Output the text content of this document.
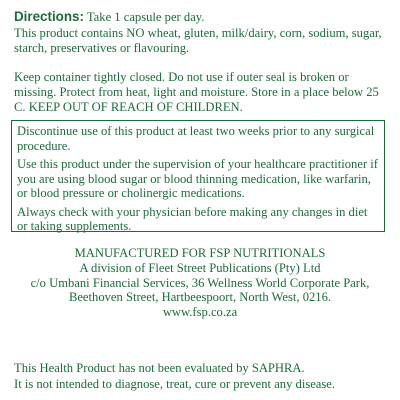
Directions: Take 1 capsule per day.
This product contains NO wheat, gluten, milk/dairy, corn, sodium, sugar, starch, preservatives or flavouring.
Keep container tightly closed. Do not use if outer seal is broken or missing. Protect from heat, light and moisture. Store in a place below 25 C. KEEP OUT OF REACH OF CHILDREN.

Discontinue use of this product at least two weeks prior to any surgical procedure.

Use this product under the supervision of your healthcare practitioner if you are using blood sugar or blood thinning medication, like warfarin, or blood pressure or cholinergic medications.

Always check with your physician before making any changes in diet or taking supplements.

MANUFACTURED FOR FSP NUTRITIONALS
A division of Fleet Street Publications (Pty) Ltd
c/o Umbani Financial Services, 36 Wellness World Corporate Park,
Beethoven Street, Hartbeespoort, North West, 0216.
www.fsp.co.za
This Health Product has not been evaluated by SAPHRA.
It is not intended to diagnose, treat, cure or prevent any disease.
